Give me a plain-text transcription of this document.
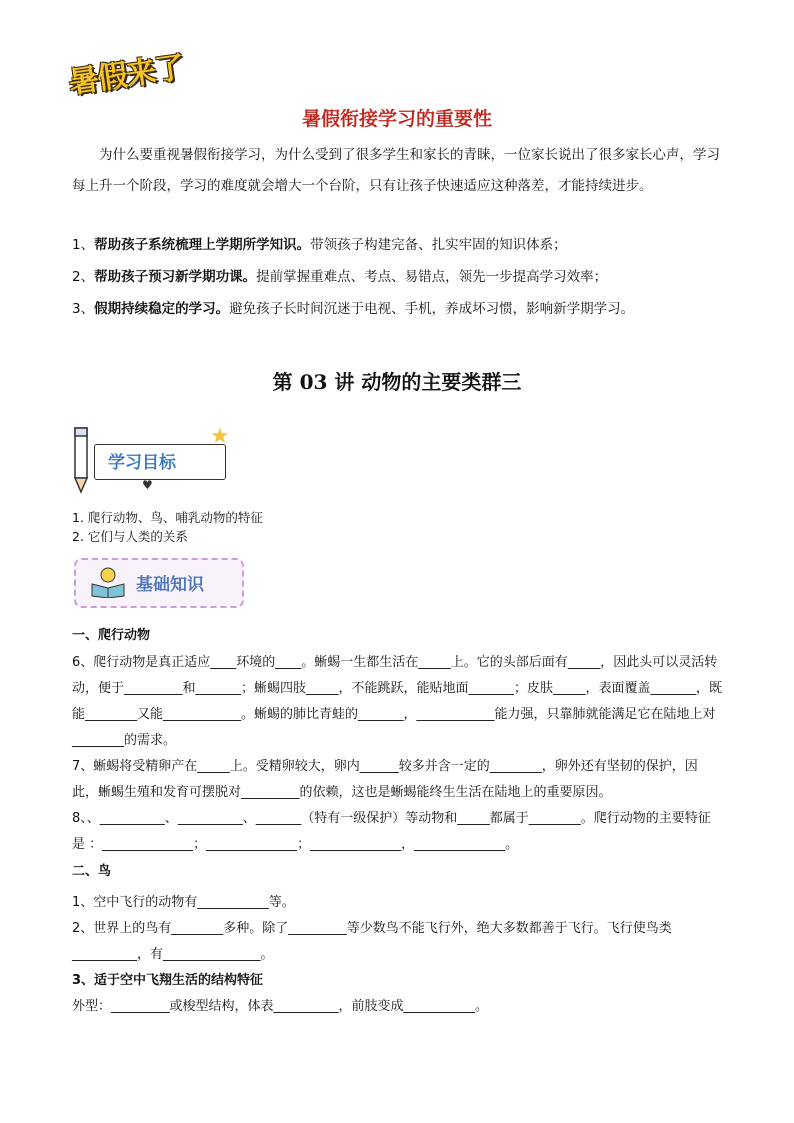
暑假来了
暑假衔接学习的重要性
为什么要重视暑假衔接学习，为什么受到了很多学生和家长的青睐，一位家长说出了很多家长心声，学习每上升一个阶段，学习的难度就会增大一个台阶，只有让孩子快速适应这种落差，才能持续进步。
1、帮助孩子系统梳理上学期所学知识。带领孩子构建完备、扎实牢固的知识体系；
2、帮助孩子预习新学期功课。提前掌握重难点、考点、易错点，领先一步提高学习效率；
3、假期持续稳定的学习。避免孩子长时间沉迷于电视、手机，养成坏习惯，影响新学期学习。
第 03 讲 动物的主要类群三
学习目标
★
♥
1. 爬行动物、鸟、哺乳动物的特征
2. 它们与人类的关系
基础知识
一、爬行动物
6、爬行动物是真正适应____环境的____。蜥蜴一生都生活在_____上。它的头部后面有_____，因此头可以灵活转动，便于_________和_______；蜥蜴四肢_____，不能跳跃，能贴地面_______；皮肤_____，表面覆盖_______，既能________又能____________。蜥蜴的肺比青蛙的_______，____________能力强，只靠肺就能满足它在陆地上对________的需求。
7、蜥蜴将受精卵产在_____上。受精卵较大，卵内______较多并含一定的________，卵外还有坚韧的保护，因此，蜥蜴生殖和发育可摆脱对_________的依赖，这也是蜥蜴能终生生活在陆地上的重要原因。
8、、__________、__________、_______（特有一级保护）等动物和_____都属于________。爬行动物的主要特征是 ：______________；______________；______________，______________。
二、鸟
1、空中飞行的动物有___________等。
2、世界上的鸟有________多种。除了_________等少数鸟不能飞行外，绝大多数都善于飞行。飞行使鸟类__________，有_______________。
3、适于空中飞翔生活的结构特征
外型：_________或梭型结构，体表__________，前肢变成___________。
